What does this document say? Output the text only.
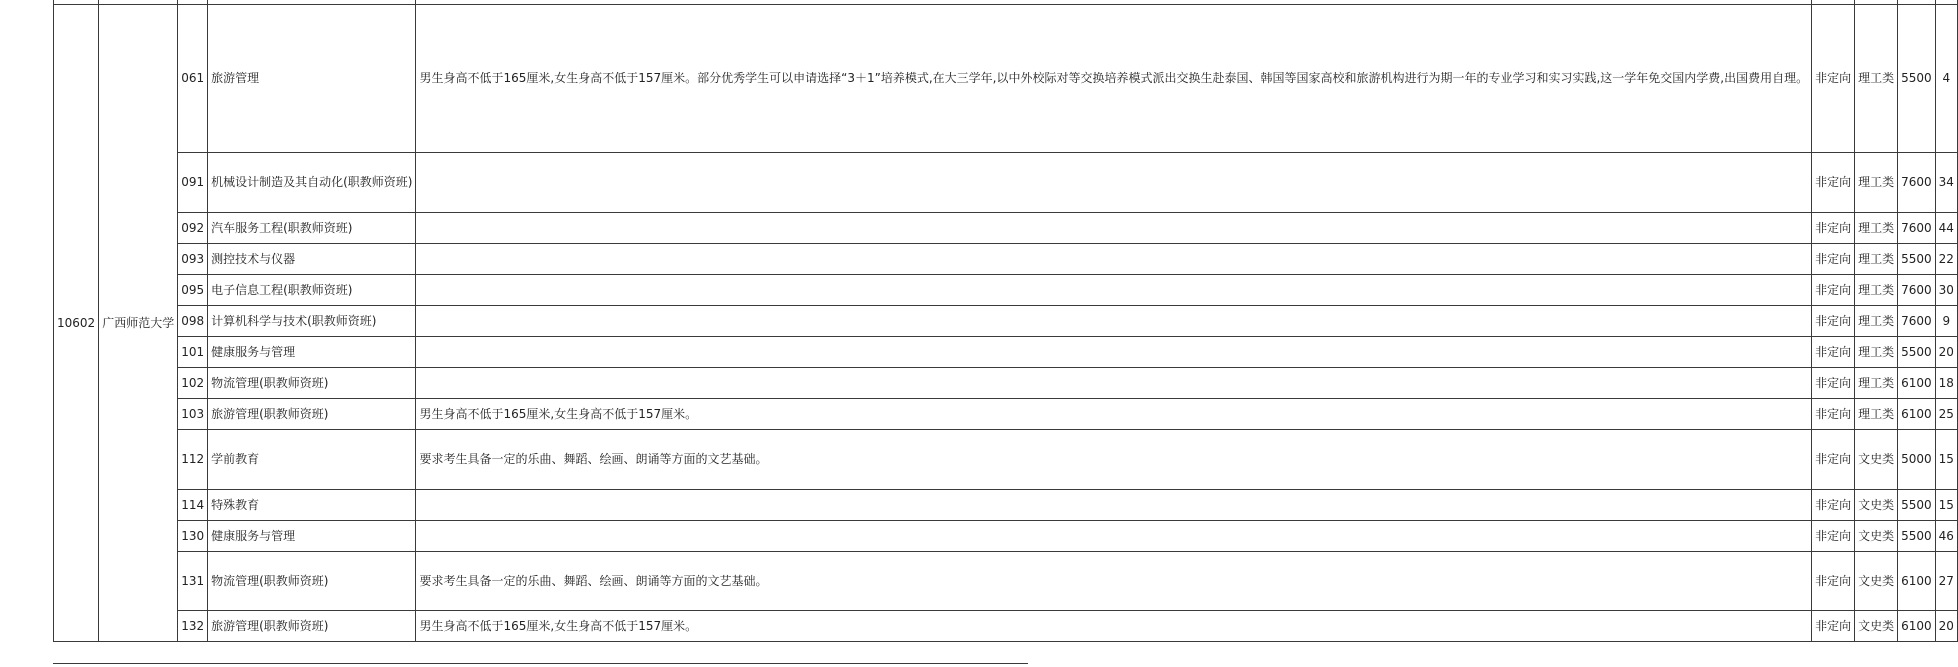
10602	广西师范大学	061	旅游管理	男生身高不低于165厘米,女生身高不低于157厘米。部分优秀学生可以申请选择“3＋1”培养模式,在大三学年,以中外校际对等交换培养模式派出交换生赴泰国、韩国等国家高校和旅游机构进行为期一年的专业学习和实习实践,这一学年免交国内学费,出国费用自理。	非定向	理工类	5500	4
		091	机械设计制造及其自动化(职教师资班)		非定向	理工类	7600	34
		092	汽车服务工程(职教师资班)		非定向	理工类	7600	44
		093	测控技术与仪器		非定向	理工类	5500	22
		095	电子信息工程(职教师资班)		非定向	理工类	7600	30
		098	计算机科学与技术(职教师资班)		非定向	理工类	7600	9
		101	健康服务与管理		非定向	理工类	5500	20
		102	物流管理(职教师资班)		非定向	理工类	6100	18
		103	旅游管理(职教师资班)	男生身高不低于165厘米,女生身高不低于157厘米。	非定向	理工类	6100	25
		112	学前教育	要求考生具备一定的乐曲、舞蹈、绘画、朗诵等方面的文艺基础。	非定向	文史类	5000	15
		114	特殊教育		非定向	文史类	5500	15
		130	健康服务与管理		非定向	文史类	5500	46
		131	物流管理(职教师资班)	要求考生具备一定的乐曲、舞蹈、绘画、朗诵等方面的文艺基础。	非定向	文史类	6100	27
		132	旅游管理(职教师资班)	男生身高不低于165厘米,女生身高不低于157厘米。	非定向	文史类	6100	20
